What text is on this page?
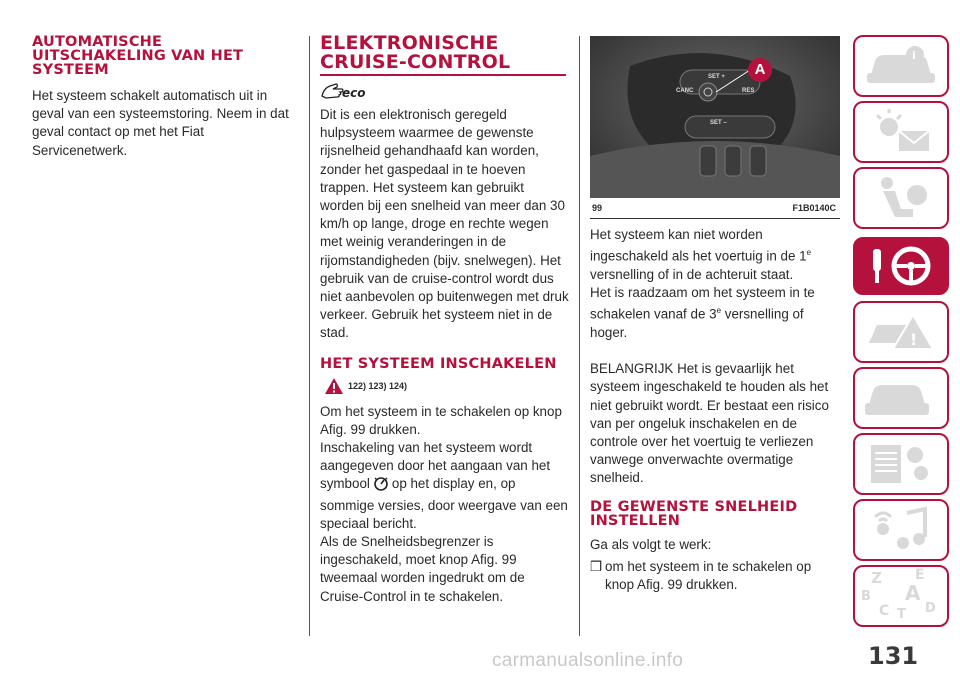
AUTOMATISCHE UITSCHAKELING VAN HET SYSTEEM

Het systeem schakelt automatisch uit in geval van een systeemstoring. Neem in dat geval contact op met het Fiat Servicenetwerk.

ELEKTRONISCHE CRUISE-CONTROL
eco

Dit is een elektronisch geregeld hulpsysteem waarmee de gewenste rijsnelheid gehandhaafd kan worden, zonder het gaspedaal in te hoeven trappen. Het systeem kan gebruikt worden bij een snelheid van meer dan 30 km/h op lange, droge en rechte wegen met weinig veranderingen in de rijomstandigheden (bijv. snelwegen). Het gebruik van de cruise-control wordt dus niet aanbevolen op buitenwegen met druk verkeer. Gebruik het systeem niet in de stad.

HET SYSTEEM INSCHAKELEN
122) 123) 124)

Om het systeem in te schakelen op knop Afig. 99 drukken.

Inschakeling van het systeem wordt aangegeven door het aangaan van het symbool op het display en, op sommige versies, door weergave van een speciaal bericht.

Als de Snelheidsbegrenzer is ingeschakeld, moet knop Afig. 99 tweemaal worden ingedrukt om de Cruise-Control in te schakelen.

SET +
CANC	RES
SET –
A
99	F1B0140C

Het systeem kan niet worden ingeschakeld als het voertuig in de 1e versnelling of in de achteruit staat.

Het is raadzaam om het systeem in te schakelen vanaf de 3e versnelling of hoger.

BELANGRIJK Het is gevaarlijk het systeem ingeschakeld te houden als het niet gebruikt wordt. Er bestaat een risico van per ongeluk inschakelen en de controle over het voertuig te verliezen vanwege onverwachte overmatige snelheid.

DE GEWENSTE SNELHEID INSTELLEN

Ga als volgt te werk:

❒ om het systeem in te schakelen op knop Afig. 99 drukken.

i
!
Z E
B A
C	D
T
131
carmanualsonline.info
